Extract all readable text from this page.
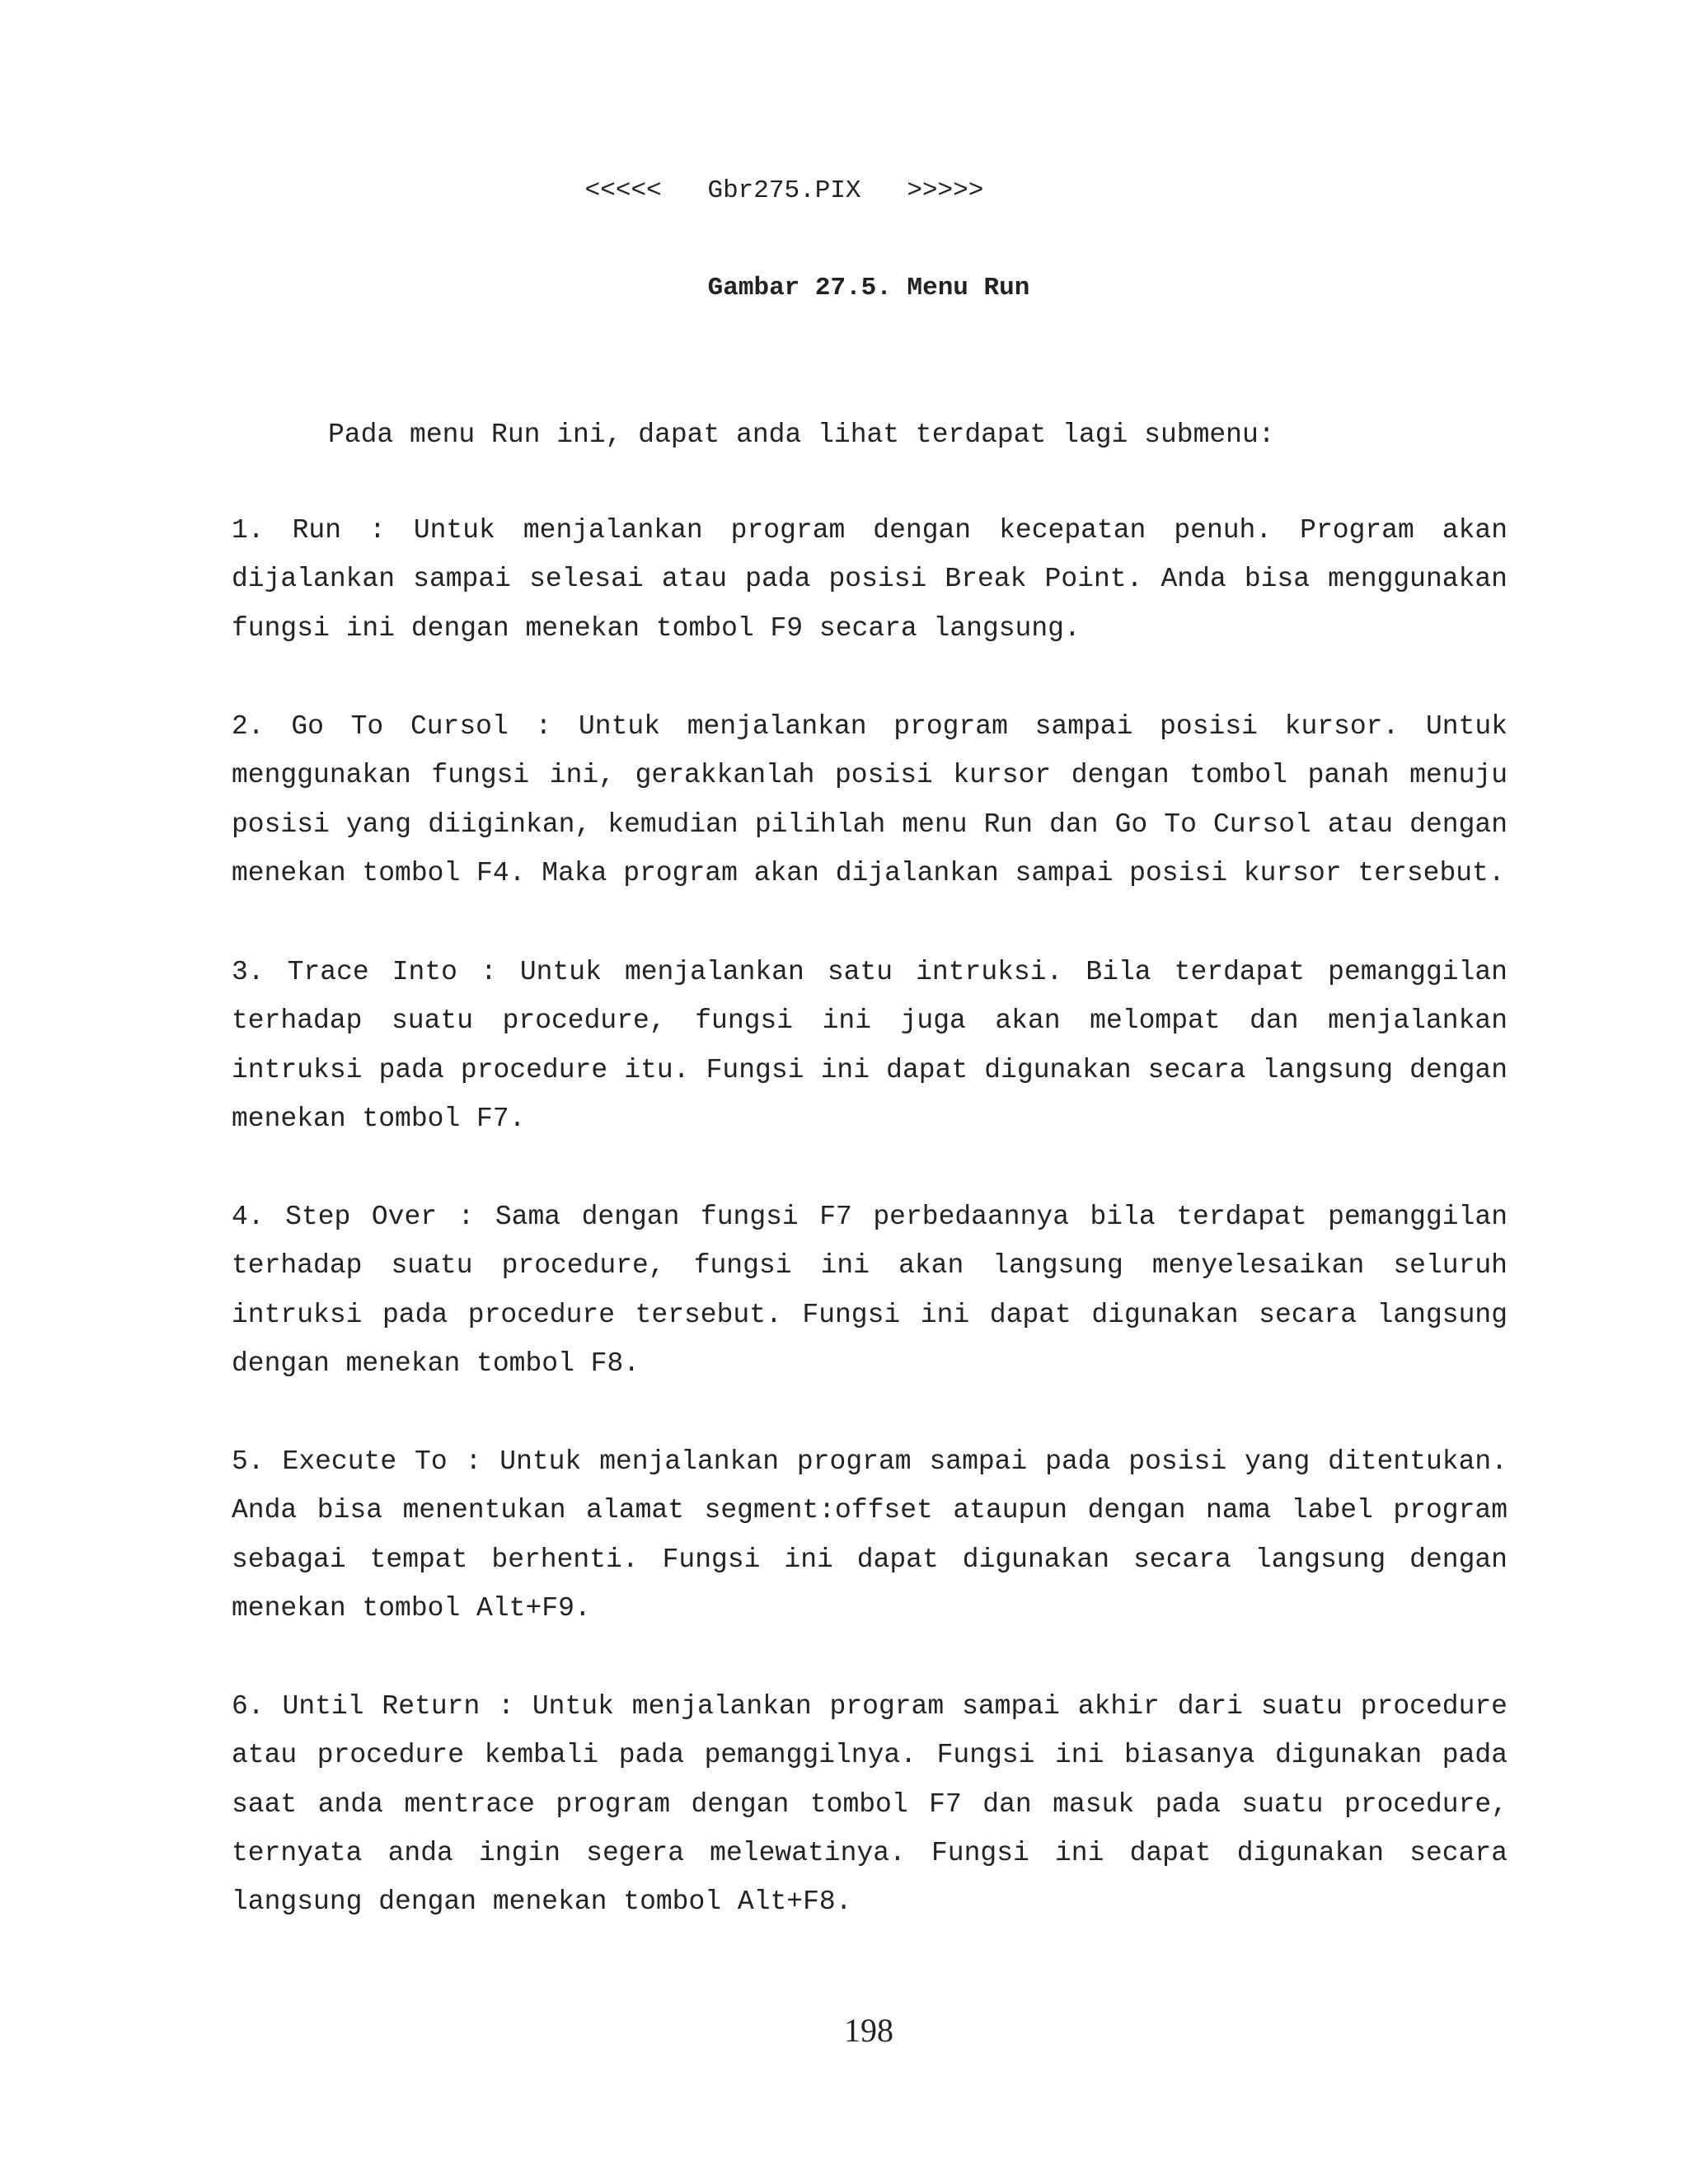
<<<<<   Gbr275.PIX   >>>>>
Gambar 27.5. Menu Run
Pada menu Run ini, dapat anda lihat terdapat lagi submenu:
1. Run : Untuk menjalankan program dengan kecepatan penuh. Program akan dijalankan sampai selesai atau pada posisi Break Point. Anda bisa menggunakan fungsi ini dengan menekan tombol F9 secara langsung.
2. Go To Cursol : Untuk menjalankan program sampai posisi kursor. Untuk menggunakan fungsi ini, gerakkanlah posisi kursor dengan tombol panah menuju posisi yang diiginkan, kemudian pilihlah menu Run dan Go To Cursol atau dengan menekan tombol F4. Maka program akan dijalankan sampai posisi kursor tersebut.
3. Trace Into : Untuk menjalankan satu intruksi. Bila terdapat pemanggilan terhadap suatu procedure, fungsi ini juga akan melompat dan menjalankan intruksi pada procedure itu. Fungsi ini dapat digunakan secara langsung dengan menekan tombol F7.
4. Step Over : Sama dengan fungsi F7 perbedaannya bila terdapat pemanggilan terhadap suatu procedure, fungsi ini akan langsung menyelesaikan seluruh intruksi pada procedure tersebut. Fungsi ini dapat digunakan secara langsung dengan menekan tombol F8.
5. Execute To : Untuk menjalankan program sampai pada posisi yang ditentukan. Anda bisa menentukan alamat segment:offset ataupun dengan nama label program sebagai tempat berhenti. Fungsi ini dapat digunakan secara langsung dengan menekan tombol Alt+F9.
6. Until Return : Untuk menjalankan program sampai akhir dari suatu procedure atau procedure kembali pada pemanggilnya. Fungsi ini biasanya digunakan pada saat anda mentrace program dengan tombol F7 dan masuk pada suatu procedure, ternyata anda ingin segera melewatinya. Fungsi ini dapat digunakan secara langsung dengan menekan tombol Alt+F8.
198
